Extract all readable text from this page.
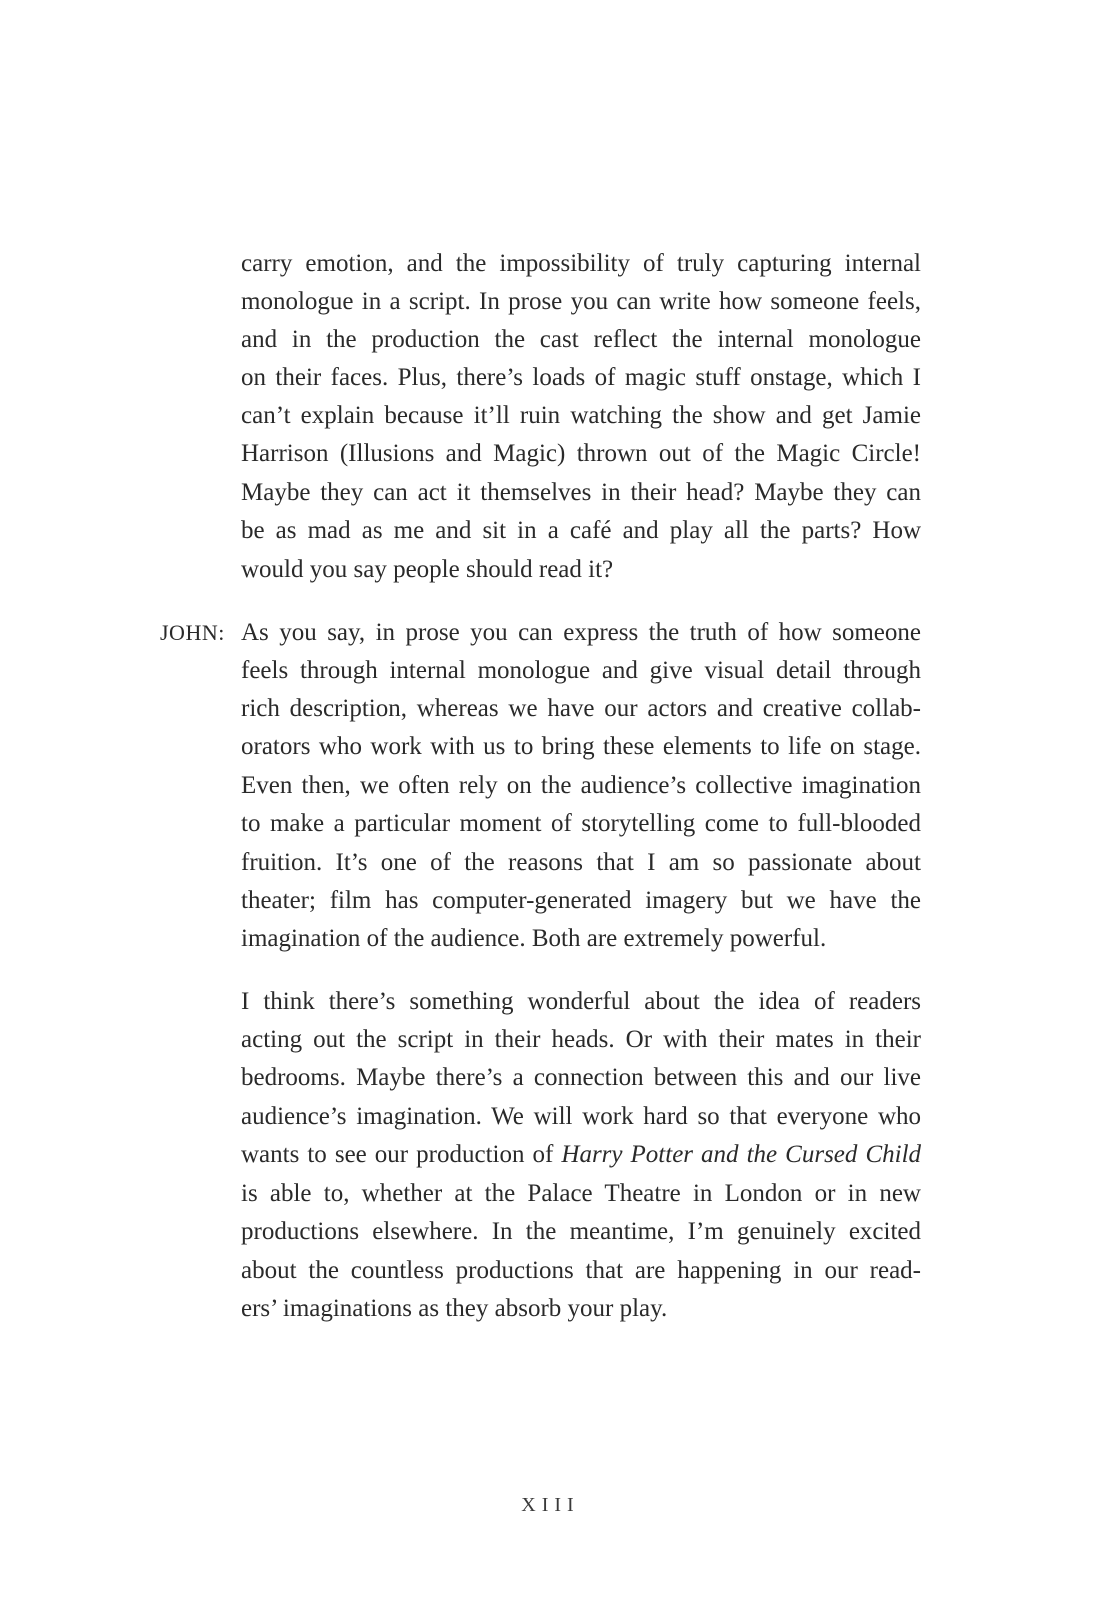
carry emotion, and the impossibility of truly capturing internal
monologue in a script. In prose you can write how someone feels,
and in the production the cast reflect the internal monologue
on their faces. Plus, there’s loads of magic stuff onstage, which I
can’t explain because it’ll ruin watching the show and get Jamie
Harrison (Illusions and Magic) thrown out of the Magic Circle!
Maybe they can act it themselves in their head? Maybe they can
be as mad as me and sit in a café and play all the parts? How
would you say people should read it?
JOHN: As you say, in prose you can express the truth of how someone
feels through internal monologue and give visual detail through
rich description, whereas we have our actors and creative collab-
orators who work with us to bring these elements to life on stage.
Even then, we often rely on the audience’s collective imagination
to make a particular moment of storytelling come to full-blooded
fruition. It’s one of the reasons that I am so passionate about
theater; film has computer-generated imagery but we have the
imagination of the audience. Both are extremely powerful.
I think there’s something wonderful about the idea of readers
acting out the script in their heads. Or with their mates in their
bedrooms. Maybe there’s a connection between this and our live
audience’s imagination. We will work hard so that everyone who
wants to see our production of Harry Potter and the Cursed Child
is able to, whether at the Palace Theatre in London or in new
productions elsewhere. In the meantime, I’m genuinely excited
about the countless productions that are happening in our read-
ers’ imaginations as they absorb your play.
XIII
